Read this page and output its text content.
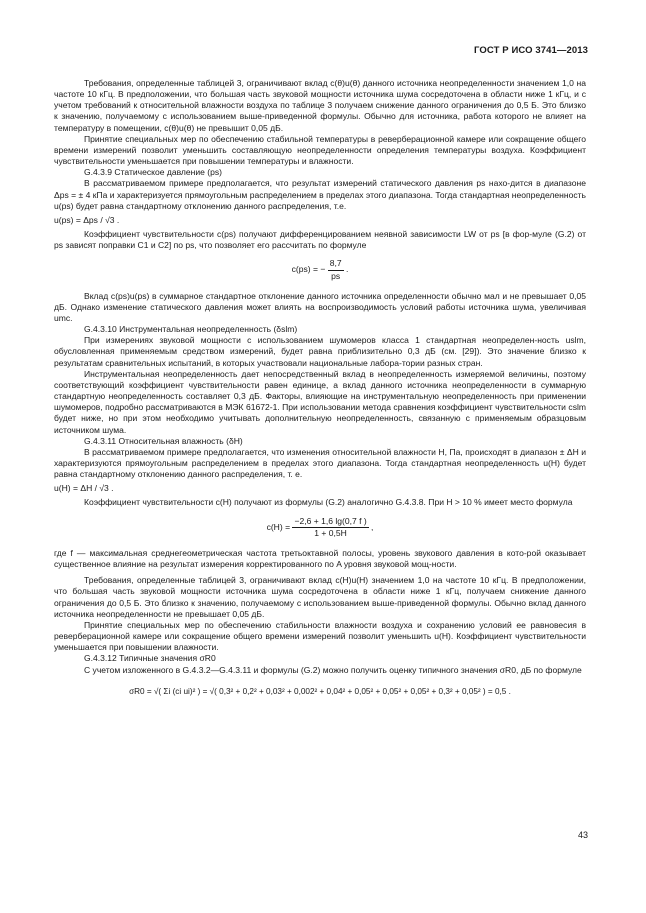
ГОСТ Р ИСО 3741—2013

Требования, определенные таблицей 3, ограничивают вклад c(θ)u(θ) данного источника неопределенности значением 1,0 на частоте 10 кГц. В предположении, что большая часть звуковой мощности источника шума сосредоточена в области ниже 1 кГц, и с учетом требований к относительной влажности воздуха по таблице 3 получаем снижение данного ограничения до 0,5 Б. Это близко к значению, получаемому с использованием выше-приведенной формулы. Обычно для источника, работа которого не влияет на температуру в помещении, c(θ)u(θ) не превышит 0,05 дБ.

Принятие специальных мер по обеспечению стабильной температуры в реверберационной камере или сокращение общего времени измерений позволит уменьшить составляющую неопределенности определения температуры воздуха. Коэффициент чувствительности уменьшается при повышении температуры и влажности.

G.4.3.9 Статическое давление (ps)

В рассматриваемом примере предполагается, что результат измерений статического давления ps нахо-дится в диапазоне Δps = ± 4 кПа и характеризуется прямоугольным распределением в пределах этого диапазона. Тогда стандартная неопределенность u(ps) будет равна стандартному отклонению данного распределения, т.е.

u(ps) = Δps / √3 .

Коэффициент чувствительности c(ps) получают дифференцированием неявной зависимости LW от ps [в фор-муле (G.2) от ps зависят поправки C1 и C2] по ps, что позволяет его рассчитать по формуле

c(ps) = − $\frac{8,7}{ps}$ .

Вклад c(ps)u(ps) в суммарное стандартное отклонение данного источника определенности обычно мал и не превышает 0,05 дБ. Однако изменение статического давления может влиять на воспроизводимость условий работы источника шума, увеличивая umc.

G.4.3.10 Инструментальная неопределенность (δslm)

При измерениях звуковой мощности с использованием шумомеров класса 1 стандартная неопределен-ность uslm, обусловленная применяемым средством измерений, будет равна приблизительно 0,3 дБ (см. [29]). Это значение близко к результатам сравнительных испытаний, в которых участвовали национальные лабора-тории разных стран.

Инструментальная неопределенность дает непосредственный вклад в неопределенность измеряемой величины, поэтому соответствующий коэффициент чувствительности равен единице, а вклад данного источника неопределенности в суммарную стандартную неопределенность составляет 0,3 дБ. Факторы, влияющие на инструментальную неопределенность при применении шумомеров, подробно рассматриваются в МЭК 61672-1. При использовании метода сравнения коэффициент чувствительности cslm будет ниже, но при этом необходимо учитывать дополнительную неопределенность, связанную с применяемым образцовым источником шума.

G.4.3.11 Относительная влажность (δH)

В рассматриваемом примере предполагается, что изменения относительной влажности H, Па, происходят в диапазон ± ΔH и характеризуются прямоугольным распределением в пределах этого диапазона. Тогда стандартная неопределенность u(H) будет равна стандартному отклонению данного распределения, т. е.

u(H) = ΔH / √3 .

Коэффициент чувствительности c(H) получают из формулы (G.2) аналогично G.4.3.8. При H > 10 % имеет место формула

$c(H) = \frac{-2,6 + 1,6 \lg(0,7 f )}{1 + 0,5H}$ ,

где f — максимальная среднегеометрическая частота третьоктавной полосы, уровень звукового давления в кото-рой оказывает существенное влияние на результат измерения корректированного по A уровня звуковой мощ-ности.

Требования, определенные таблицей 3, ограничивают вклад c(H)u(H) значением 1,0 на частоте 10 кГц. В предположении, что большая часть звуковой мощности источника шума сосредоточена в области ниже 1 кГц, получаем снижение данного ограничения до 0,5 Б. Это близко к значению, получаемому с использованием выше-приведенной формулы. Обычно вклад данного источника неопределенности не превышает 0,05 дБ.

Принятие специальных мер по обеспечению стабильности влажности воздуха и сохранению условий ее равновесия в реверберационной камере или сокращение общего времени измерений позволит уменьшить u(H). Коэффициент чувствительности уменьшается при повышении влажности.

G.4.3.12 Типичные значения σR0

С учетом изложенного в G.4.3.2—G.4.3.11 и формулы (G.2) можно получить оценку типичного значения σR0, дБ по формуле

σR0 = √( Σi (ci ui)² ) = √( 0,3² + 0,2² + 0,03² + 0,002² + 0,04² + 0,05² + 0,05² + 0,05² + 0,3² + 0,05² ) = 0,5 .
43
